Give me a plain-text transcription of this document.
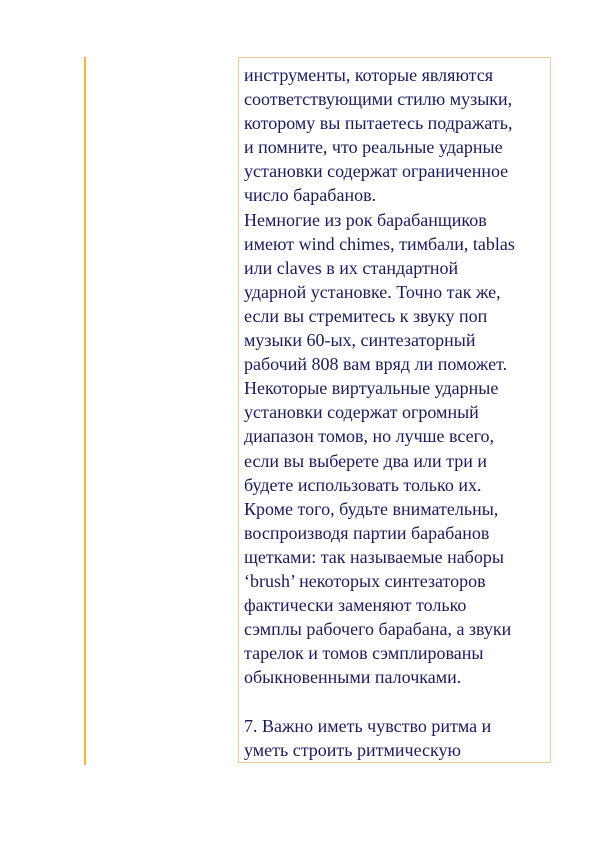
инструменты, которые являются
соответствующими стилю музыки,
которому вы пытаетесь подражать,
и помните, что реальные ударные
установки содержат ограниченное
число барабанов.
Немногие из рок барабанщиков
имеют wind chimes, тимбали, tablas
или claves в их стандартной
ударной установке. Точно так же,
если вы стремитесь к звуку поп
музыки 60-ых, синтезаторный
рабочий 808 вам вряд ли поможет.
Некоторые виртуальные ударные
установки содержат огромный
диапазон томов, но лучше всего,
если вы выберете два или три и
будете использовать только их.
Кроме того, будьте внимательны,
воспроизводя партии барабанов
щетками: так называемые наборы
‘brush’ некоторых синтезаторов
фактически заменяют только
сэмплы рабочего барабана, а звуки
тарелок и томов сэмплированы
обыкновенными палочками.
7. Важно иметь чувство ритма и
уметь строить ритмическую
